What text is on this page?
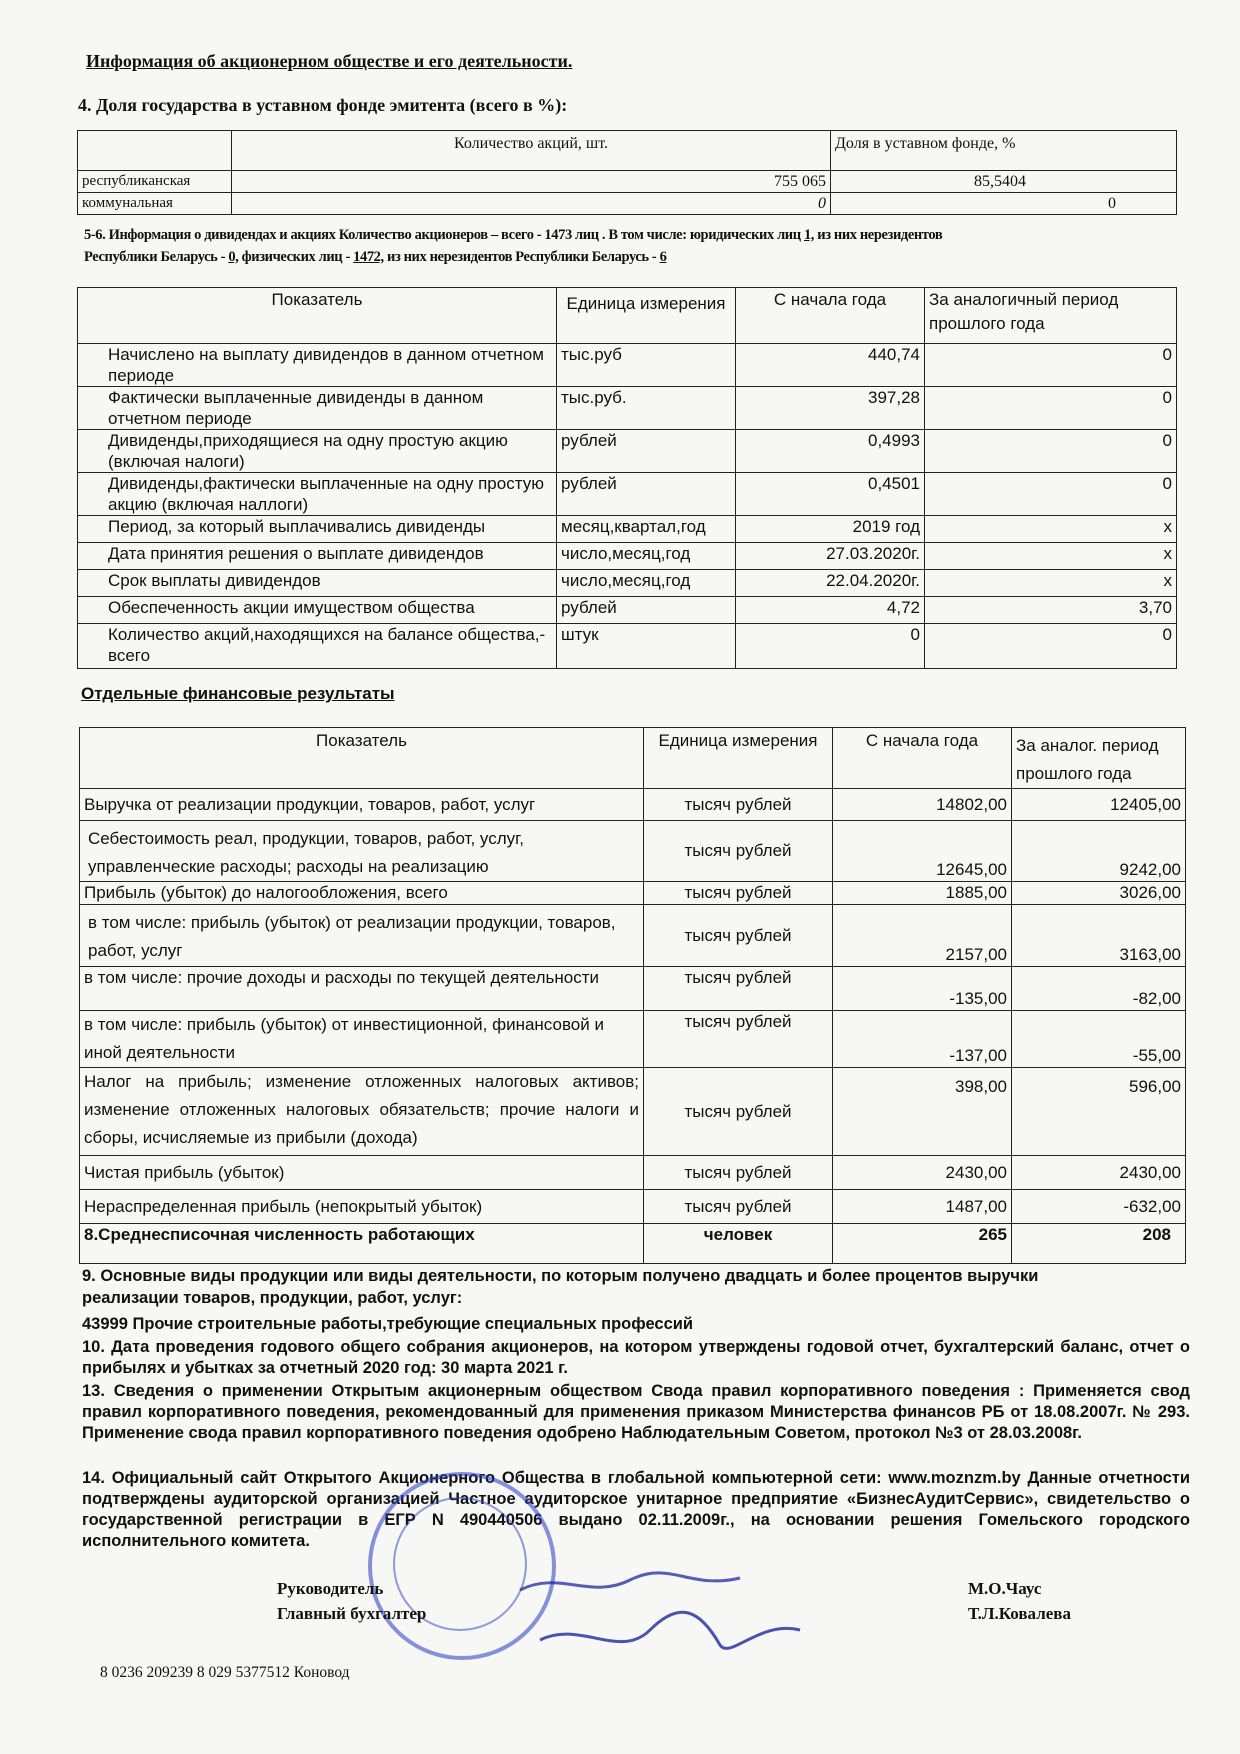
Информация об акционерном обществе и его деятельности.
4. Доля государства в уставном фонде эмитента (всего в %):
	Количество акций, шт.	Доля в уставном фонде, %
республиканская	755 065	85,5404
коммунальная	0	0
5-6. Информация о дивидендах и акциях Количество акционеров – всего - 1473 лиц . В том числе: юридических лиц 1, из них нерезидентов
Республики Беларусь - 0, физических лиц - 1472, из них нерезидентов Республики Беларусь - 6
Показатель	Единица измерения	С начала года	За аналогичный период прошлого года
Начислено на выплату дивидендов в данном отчетном периоде	тыс.руб	440,74	0
Фактически выплаченные дивиденды в данном отчетном периоде	тыс.руб.	397,28	0
Дивиденды,приходящиеся на одну простую акцию (включая налоги)	рублей	0,4993	0
Дивиденды,фактически выплаченные на одну простую акцию (включая наллоги)	рублей	0,4501	0
Период, за который выплачивались дивиденды	месяц,квартал,год	2019 год	х
Дата принятия решения о выплате дивидендов	число,месяц,год	27.03.2020г.	х
Срок выплаты дивидендов	число,месяц,год	22.04.2020г.	х
Обеспеченность акции имуществом общества	рублей	4,72	3,70
Количество акций,находящихся на балансе общества,- всего	штук	0	0
Отдельные финансовые результаты
Показатель	Единица измерения	С начала года	За аналог. период прошлого года
Выручка от реализации продукции, товаров, работ, услуг	тысяч рублей	14802,00	12405,00
Себестоимость реал, продукции, товаров, работ, услуг, управленческие расходы; расходы на реализацию	тысяч рублей	12645,00	9242,00
Прибыль (убыток) до налогообложения, всего	тысяч рублей	1885,00	3026,00
в том числе: прибыль (убыток) от реализации продукции, товаров, работ, услуг	тысяч рублей	2157,00	3163,00
в том числе: прочие доходы и расходы по текущей деятельности	тысяч рублей	-135,00	-82,00
в том числе: прибыль (убыток) от инвестиционной, финансовой и иной деятельности	тысяч рублей	-137,00	-55,00
Налог на прибыль; изменение отложенных налоговых активов; изменение отложенных налоговых обязательств; прочие налоги и сборы, исчисляемые из прибыли (дохода)	тысяч рублей	398,00	596,00
Чистая прибыль (убыток)	тысяч рублей	2430,00	2430,00
Нераспределенная прибыль (непокрытый убыток)	тысяч рублей	1487,00	-632,00
8.Среднесписочная численность работающих	человек	265	208
9. Основные виды продукции или виды деятельности, по которым получено двадцать и более процентов выручки
реализации товаров, продукции, работ, услуг:
43999 Прочие строительные работы,требующие специальных профессий
10. Дата проведения годового общего собрания акционеров, на котором утверждены годовой отчет, бухгалтерский баланс, отчет о прибылях и убытках за отчетный 2020 год: 30 марта 2021 г.
13. Сведения о применении Открытым акционерным обществом Свода правил корпоративного поведения : Применяется свод правил корпоративного поведения, рекомендованный для применения приказом Министерства финансов РБ от 18.08.2007г. № 293. Применение свода правил корпоративного поведения одобрено Наблюдательным Советом, протокол №3 от 28.03.2008г.
14. Официальный сайт Открытого Акционерного Общества в глобальной компьютерной сети: www.moznzm.by Данные отчетности подтверждены аудиторской организацией Частное аудиторское унитарное предприятие «БизнесАудитСервис», свидетельство о государственной регистрации в ЕГР N 490440506 выдано 02.11.2009г., на основании решения Гомельского городского исполнительного комитета.
Руководитель
Главный бухгалтер
М.О.Чаус
Т.Л.Ковалева
8 0236 209239 8 029 5377512 Коновод
